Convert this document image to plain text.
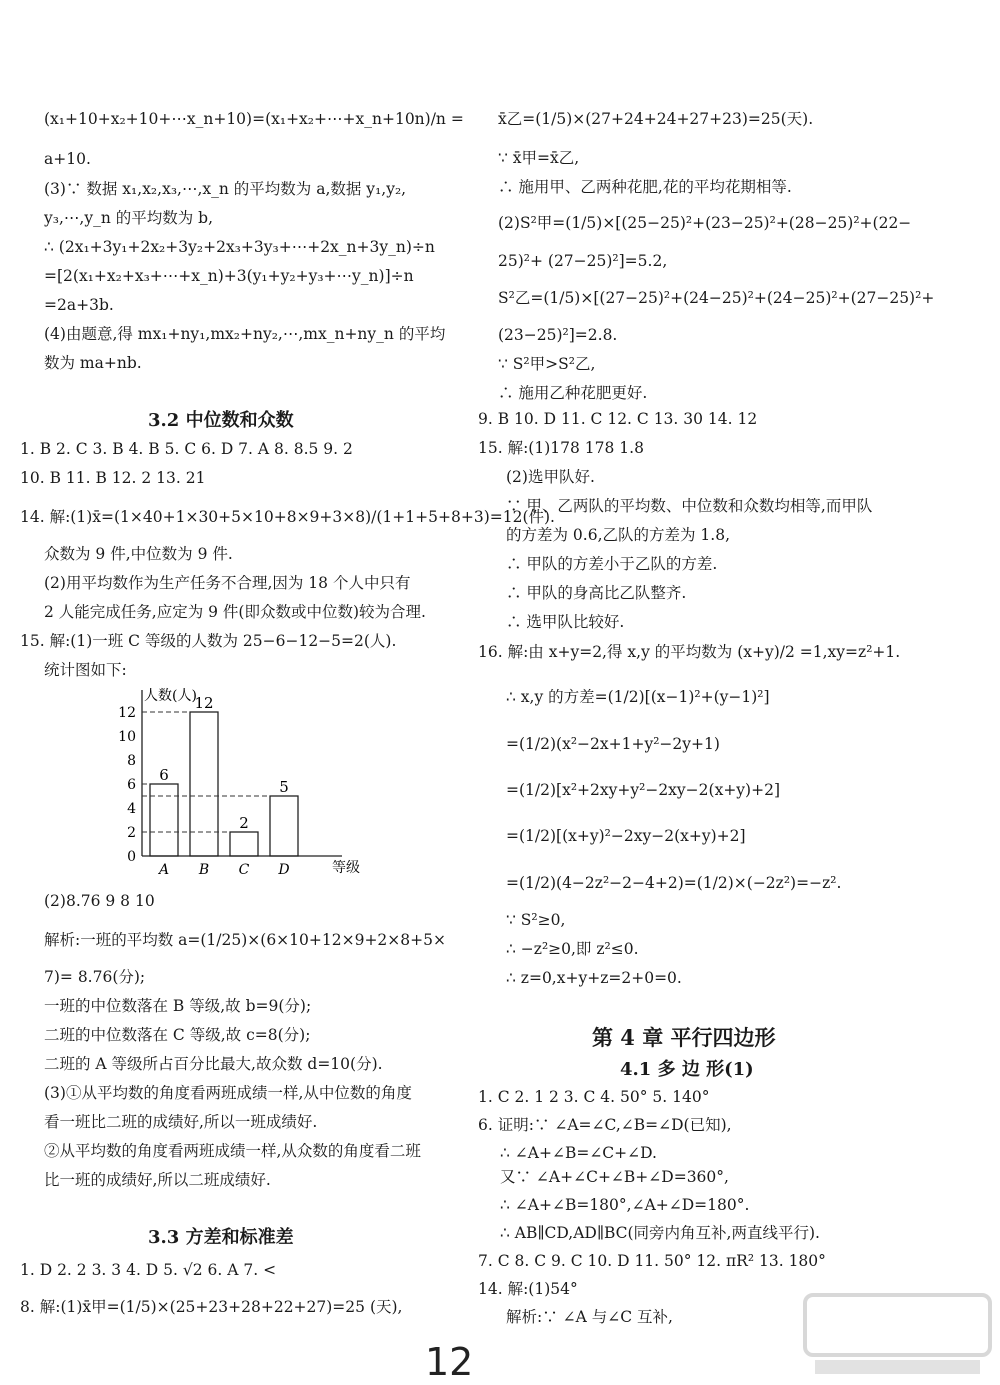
(x₁+10+x₂+10+⋯x_n+10)=(x₁+x₂+⋯+x_n+10n)/n =
a+10.
(3)∵ 数据 x₁,x₂,x₃,⋯,x_n 的平均数为 a,数据 y₁,y₂,
y₃,⋯,y_n 的平均数为 b,
∴ (2x₁+3y₁+2x₂+3y₂+2x₃+3y₃+⋯+2x_n+3y_n)÷n
=[2(x₁+x₂+x₃+⋯+x_n)+3(y₁+y₂+y₃+⋯y_n)]÷n
=2a+3b.
(4)由题意,得 mx₁+ny₁,mx₂+ny₂,⋯,mx_n+ny_n 的平均
数为 ma+nb.
1. B 2. C 3. B 4. B 5. C 6. D 7. A 8. 8.5 9. 2
10. B 11. B 12. 2 13. 21
14. 解:(1)x̄=(1×40+1×30+5×10+8×9+3×8)/(1+1+5+8+3)=12(件).
众数为 9 件,中位数为 9 件.
(2)用平均数作为生产任务不合理,因为 18 个人中只有
2 人能完成任务,应定为 9 件(即众数或中位数)较为合理.
15. 解:(1)一班 C 等级的人数为 25−6−12−5=2(人).
统计图如下:
(2)8.76 9 8 10
解析:一班的平均数 a=(1/25)×(6×10+12×9+2×8+5×
7)= 8.76(分);
一班的中位数落在 B 等级,故 b=9(分);
二班的中位数落在 C 等级,故 c=8(分);
二班的 A 等级所占百分比最大,故众数 d=10(分).
(3)①从平均数的角度看两班成绩一样,从中位数的角度
看一班比二班的成绩好,所以一班成绩好.
②从平均数的角度看两班成绩一样,从众数的角度看二班
比一班的成绩好,所以二班成绩好.
1. D 2. 2 3. 3 4. D 5. √2 6. A 7. <
8. 解:(1)x̄甲=(1/5)×(25+23+28+22+27)=25 (天),
x̄乙=(1/5)×(27+24+24+27+23)=25(天).
∵ x̄甲=x̄乙,
∴ 施用甲、乙两种花肥,花的平均花期相等.
(2)S²甲=(1/5)×[(25−25)²+(23−25)²+(28−25)²+(22−
25)²+ (27−25)²]=5.2,
S²乙=(1/5)×[(27−25)²+(24−25)²+(24−25)²+(27−25)²+
(23−25)²]=2.8.
∵ S²甲>S²乙,
∴ 施用乙种花肥更好.
9. B 10. D 11. C 12. C 13. 30 14. 12
15. 解:(1)178 178 1.8
(2)选甲队好.
∵ 甲、乙两队的平均数、中位数和众数均相等,而甲队
的方差为 0.6,乙队的方差为 1.8,
∴ 甲队的方差小于乙队的方差.
∴ 甲队的身高比乙队整齐.
∴ 选甲队比较好.
16. 解:由 x+y=2,得 x,y 的平均数为 (x+y)/2 =1,xy=z²+1.
∴ x,y 的方差=(1/2)[(x−1)²+(y−1)²]
=(1/2)(x²−2x+1+y²−2y+1)
=(1/2)[x²+2xy+y²−2xy−2(x+y)+2]
=(1/2)[(x+y)²−2xy−2(x+y)+2]
=(1/2)(4−2z²−2−4+2)=(1/2)×(−2z²)=−z².
∵ S²≥0,
∴ −z²≥0,即 z²≤0.
∴ z=0,x+y+z=2+0=0.
1. C 2. 1 2 3. C 4. 50° 5. 140°
6. 证明:∵ ∠A=∠C,∠B=∠D(已知),
∴ ∠A+∠B=∠C+∠D.
又∵ ∠A+∠C+∠B+∠D=360°,
∴ ∠A+∠B=180°,∠A+∠D=180°.
∴ AB∥CD,AD∥BC(同旁内角互补,两直线平行).
7. C 8. C 9. C 10. D 11. 50° 12. πR² 13. 180°
14. 解:(1)54°
解析:∵ ∠A 与∠C 互补,
3.2 中位数和众数
3.3 方差和标准差
第 4 章 平行四边形
4.1 多 边 形(1)
人数(人)
等级
0
2
4
6
8
10
12
6
A
12
B
2
C
5
D
12
